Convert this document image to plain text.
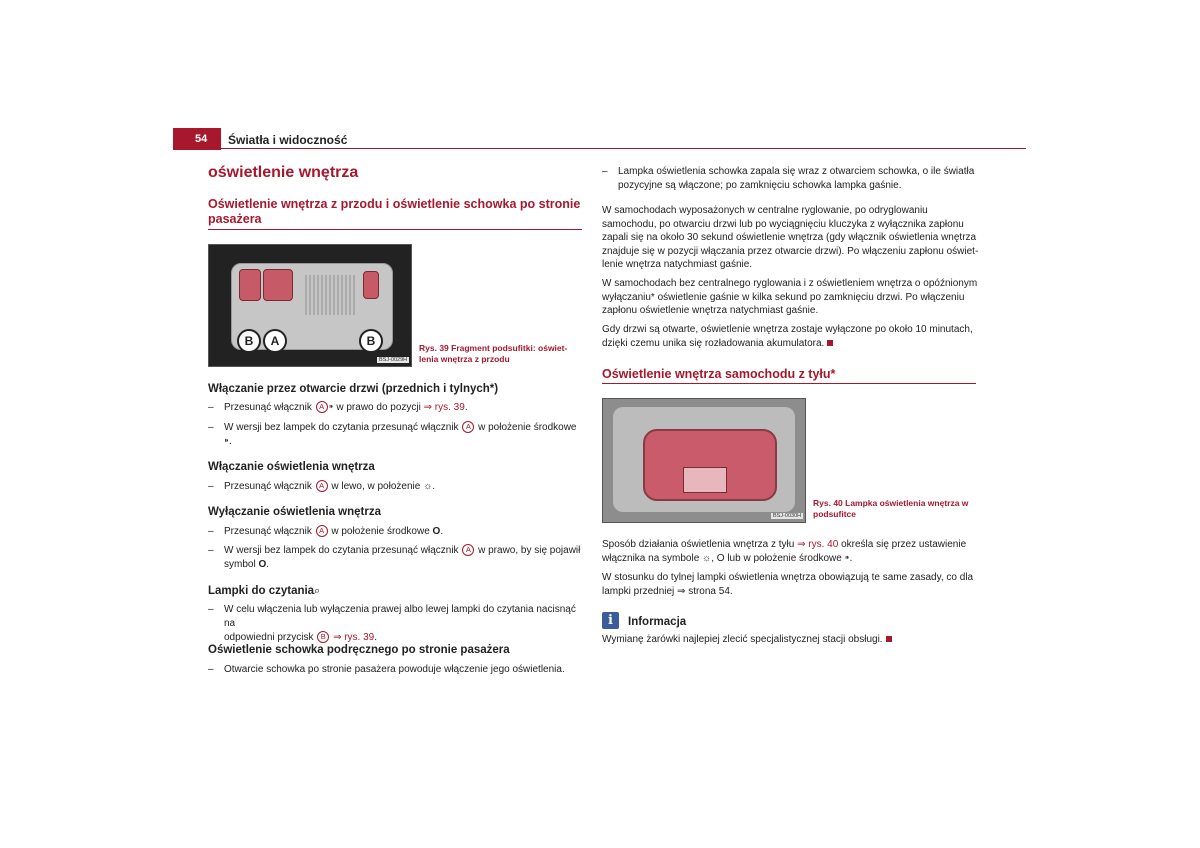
54 Światła i widoczność
oświetlenie wnętrza
Oświetlenie wnętrza z przodu i oświetlenie schowka po stronie
pasażera
B	A	B
BSJ-0029H
Rys. 39 Fragment podsufitki: oświet-
lenia wnętrza z przodu
Włączanie przez otwarcie drzwi (przednich i tylnych*)
– Przesunąć włącznik A ⁍ w prawo do pozycji ⇒ rys. 39.
– W wersji bez lampek do czytania przesunąć włącznik A w położenie środkowe
⁍.
Włączanie oświetlenia wnętrza
– Przesunąć włącznik A w lewo, w położenie ☼.
Wyłączanie oświetlenia wnętrza
– Przesunąć włącznik A w położenie środkowe O.
– W wersji bez lampek do czytania przesunąć włącznik A w prawo, by się pojawił
symbol O.
Lampki do czytania ⌕
– W celu włączenia lub wyłączenia prawej albo lewej lampki do czytania nacisnąć na
odpowiedni przycisk B ⇒ rys. 39.
Oświetlenie schowka podręcznego po stronie pasażera
– Otwarcie schowka po stronie pasażera powoduje włączenie jego oświetlenia.
– Lampka oświetlenia schowka zapala się wraz z otwarciem schowka, o ile światła
pozycyjne są włączone; po zamknięciu schowka lampka gaśnie.
W samochodach wyposażonych w centralne ryglowanie, po odryglowaniu
samochodu, po otwarciu drzwi lub po wyciągnięciu kluczyka z wyłącznika zapłonu
zapali się na około 30 sekund oświetlenie wnętrza (gdy włącznik oświetlenia wnętrza
znajduje się w pozycji włączania przez otwarcie drzwi). Po włączeniu zapłonu oświet-
lenie wnętrza natychmiast gaśnie.
W samochodach bez centralnego ryglowania i z oświetleniem wnętrza o opóźnionym
wyłączaniu* oświetlenie gaśnie w kilka sekund po zamknięciu drzwi. Po włączeniu
zapłonu oświetlenie wnętrza natychmiast gaśnie.
Gdy drzwi są otwarte, oświetlenie wnętrza zostaje wyłączone po około 10 minutach,
dzięki czemu unika się rozładowania akumulatora.
Oświetlenie wnętrza samochodu z tyłu*
BSJ-0030H
Rys. 40 Lampka oświetlenia wnętrza w
podsufitce
Sposób działania oświetlenia wnętrza z tyłu ⇒ rys. 40 określa się przez ustawienie
włącznika na symbole ☼, O lub w położenie środkowe ⁍.
W stosunku do tylnej lampki oświetlenia wnętrza obowiązują te same zasady, co dla
lampki przedniej ⇒ strona 54.
i	Informacja
Wymianę żarówki najlepiej zlecić specjalistycznej stacji obsługi.
